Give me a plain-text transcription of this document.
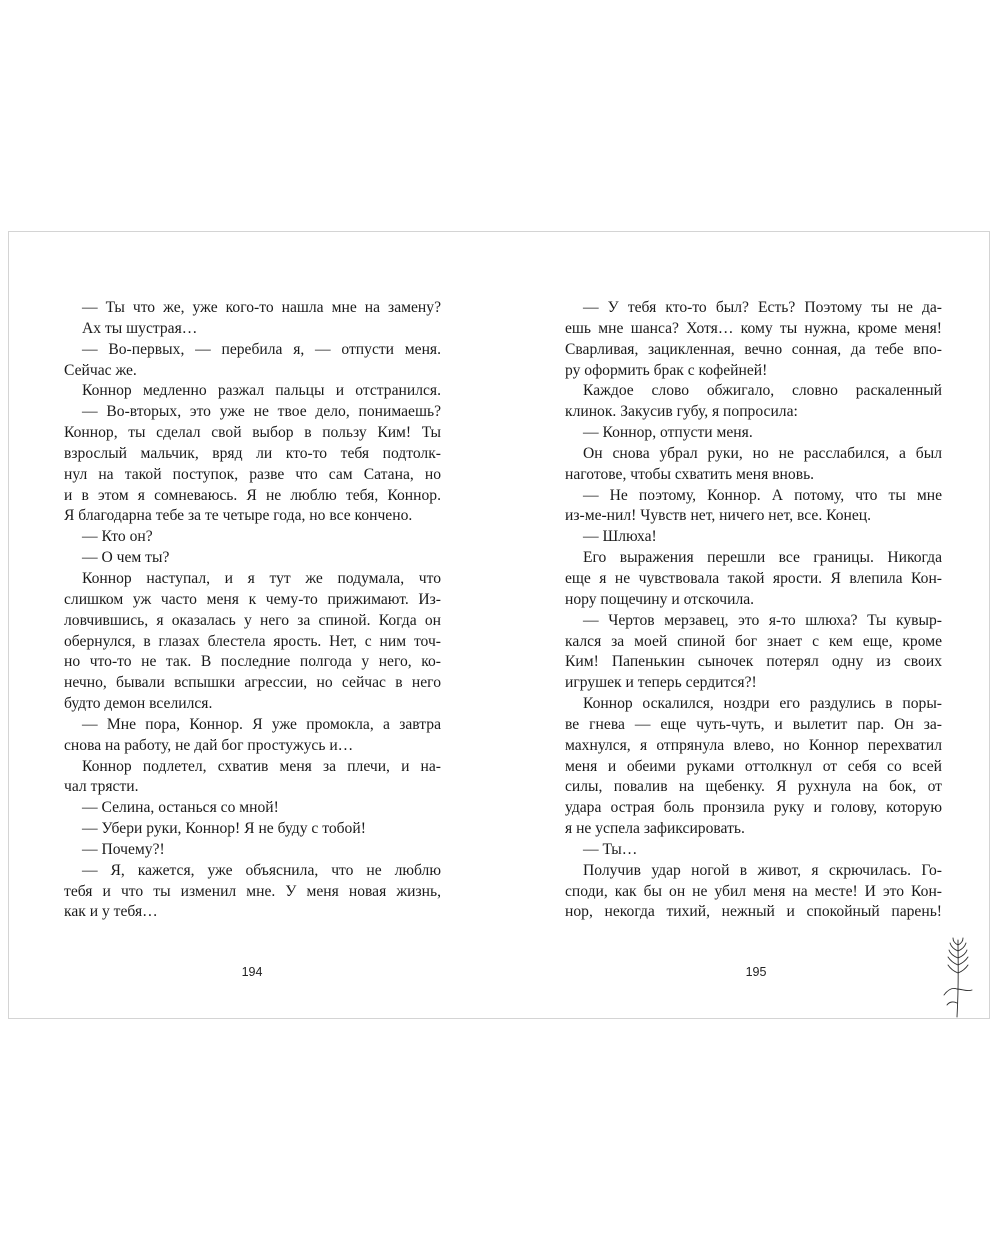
— Ты что же, уже кого-то нашла мне на замену?
Ах ты шустрая…
— Во-первых, — перебила я, — отпусти меня.
Сейчас же.
Коннор медленно разжал пальцы и отстранился.
— Во-вторых, это уже не твое дело, понимаешь?
Коннор, ты сделал свой выбор в пользу Ким! Ты
взрослый мальчик, вряд ли кто-то тебя подтолк-
нул на такой поступок, разве что сам Сатана, но
и в этом я сомневаюсь. Я не люблю тебя, Коннор.
Я благодарна тебе за те четыре года, но все кончено.
— Кто он?
— О чем ты?
Коннор наступал, и я тут же подумала, что
слишком уж часто меня к чему-то прижимают. Из-
ловчившись, я оказалась у него за спиной. Когда он
обернулся, в глазах блестела ярость. Нет, с ним точ-
но что-то не так. В последние полгода у него, ко-
нечно, бывали вспышки агрессии, но сейчас в него
будто демон вселился.
— Мне пора, Коннор. Я уже промокла, а завтра
снова на работу, не дай бог простужусь и…
Коннор подлетел, схватив меня за плечи, и на-
чал трясти.
— Селина, останься со мной!
— Убери руки, Коннор! Я не буду с тобой!
— Почему?!
— Я, кажется, уже объяснила, что не люблю
тебя и что ты изменил мне. У меня новая жизнь,
как и у тебя…
— У тебя кто-то был? Есть? Поэтому ты не да-
ешь мне шанса? Хотя… кому ты нужна, кроме меня!
Сварливая, зацикленная, вечно сонная, да тебе впо-
ру оформить брак с кофейней!
Каждое слово обжигало, словно раскаленный
клинок. Закусив губу, я попросила:
— Коннор, отпусти меня.
Он снова убрал руки, но не расслабился, а был
наготове, чтобы схватить меня вновь.
— Не поэтому, Коннор. А потому, что ты мне
из-ме-нил! Чувств нет, ничего нет, все. Конец.
— Шлюха!
Его выражения перешли все границы. Никогда
еще я не чувствовала такой ярости. Я влепила Кон-
нору пощечину и отскочила.
— Чертов мерзавец, это я-то шлюха? Ты кувыр-
кался за моей спиной бог знает с кем еще, кроме
Ким! Папенькин сыночек потерял одну из своих
игрушек и теперь сердится?!
Коннор оскалился, ноздри его раздулись в поры-
ве гнева — еще чуть-чуть, и вылетит пар. Он за-
махнулся, я отпрянула влево, но Коннор перехватил
меня и обеими руками оттолкнул от себя со всей
силы, повалив на щебенку. Я рухнула на бок, от
удара острая боль пронзила руку и голову, которую
я не успела зафиксировать.
— Ты…
Получив удар ногой в живот, я скрючилась. Го-
споди, как бы он не убил меня на месте! И это Кон-
нор, некогда тихий, нежный и спокойный парень!
194	195
